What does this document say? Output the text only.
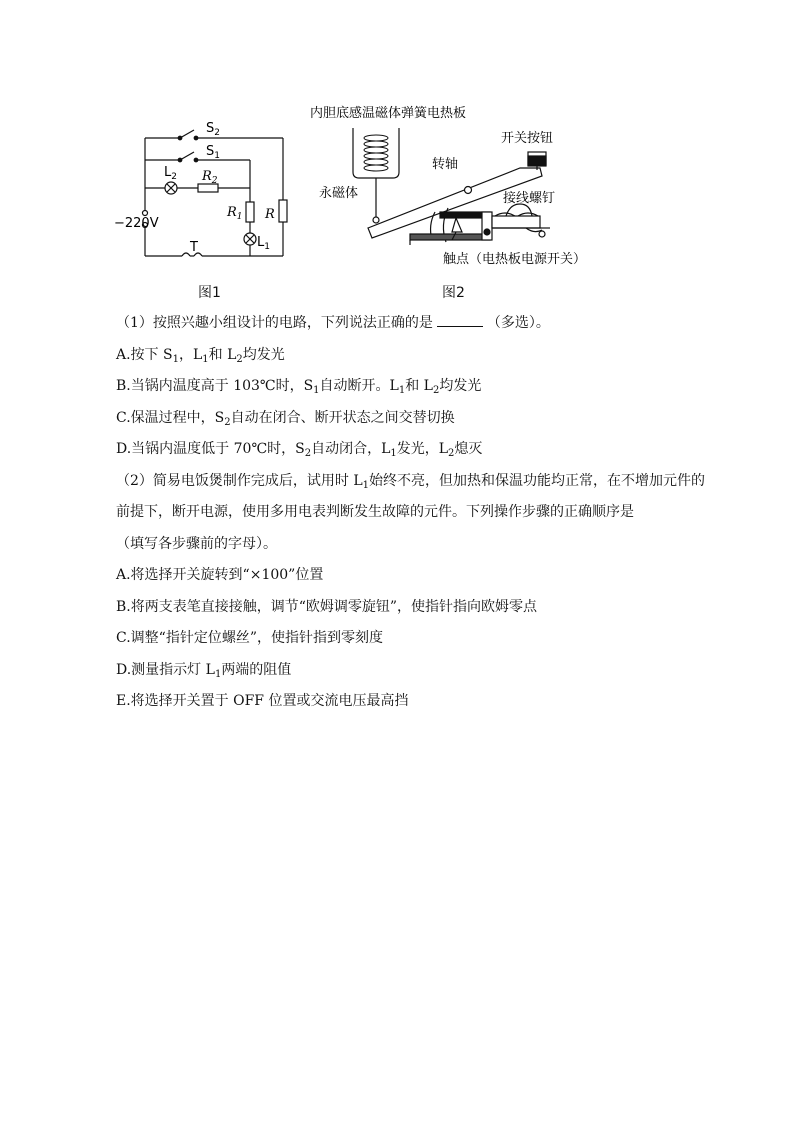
$S_2$
$S_1$
$L_2$ $R_2$
$R_1$ R
$L_1$
−220V
T
内胆底感温磁体弹簧电热板
开关按钮
转轴
永磁体	接线螺钉
触点（电热板电源开关）
图1	图2
（1）按照兴趣小组设计的电路，下列说法正确的是	（多选）。
A.按下 $S_1$，$L_1$和 $L_2$均发光
B.当锅内温度高于 103℃时，$S_1$自动断开。$L_1$和 $L_2$均发光
C.保温过程中，$S_2$自动在闭合、断开状态之间交替切换
D.当锅内温度低于 70℃时，$S_2$自动闭合，$L_1$发光，$L_2$熄灭
（2）简易电饭煲制作完成后，试用时 $L_1$始终不亮，但加热和保温功能均正常，在不增加元件的
前提下，断开电源，使用多用电表判断发生故障的元件。下列操作步骤的正确顺序是
（填写各步骤前的字母）。
A.将选择开关旋转到“×100”位置
B.将两支表笔直接接触，调节“欧姆调零旋钮”，使指针指向欧姆零点
C.调整“指针定位螺丝”，使指针指到零刻度
D.测量指示灯 $L_1$两端的阻值
E.将选择开关置于 OFF 位置或交流电压最高挡
